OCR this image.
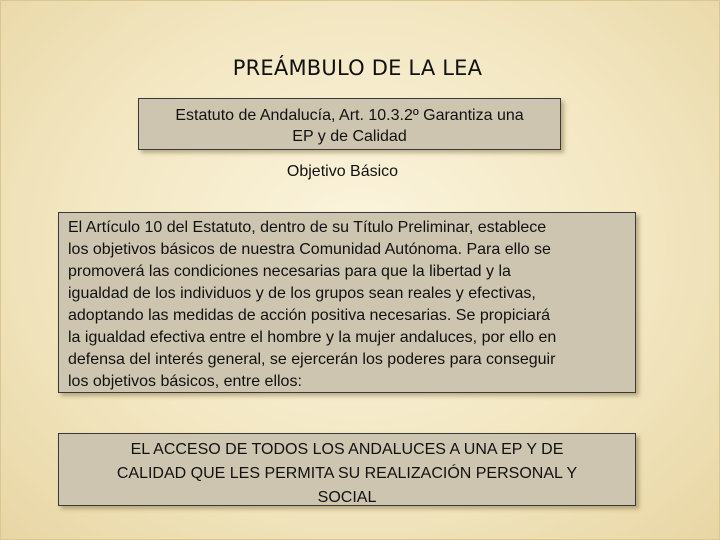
PREÁMBULO DE LA LEA
Estatuto de Andalucía, Art. 10.3.2º Garantiza una
EP y de Calidad
Objetivo Básico
El Artículo 10 del Estatuto, dentro de su Título Preliminar, establece
los objetivos básicos de nuestra Comunidad Autónoma. Para ello se
promoverá las condiciones necesarias para que la libertad y la
igualdad de los individuos y de los grupos sean reales y efectivas,
adoptando las medidas de acción positiva necesarias. Se propiciará
la igualdad efectiva entre el hombre y la mujer andaluces, por ello en
defensa del interés general, se ejercerán los poderes para conseguir
los objetivos básicos, entre ellos:
EL ACCESO DE TODOS LOS ANDALUCES A UNA EP Y DE
CALIDAD QUE LES PERMITA SU REALIZACIÓN PERSONAL Y
SOCIAL
